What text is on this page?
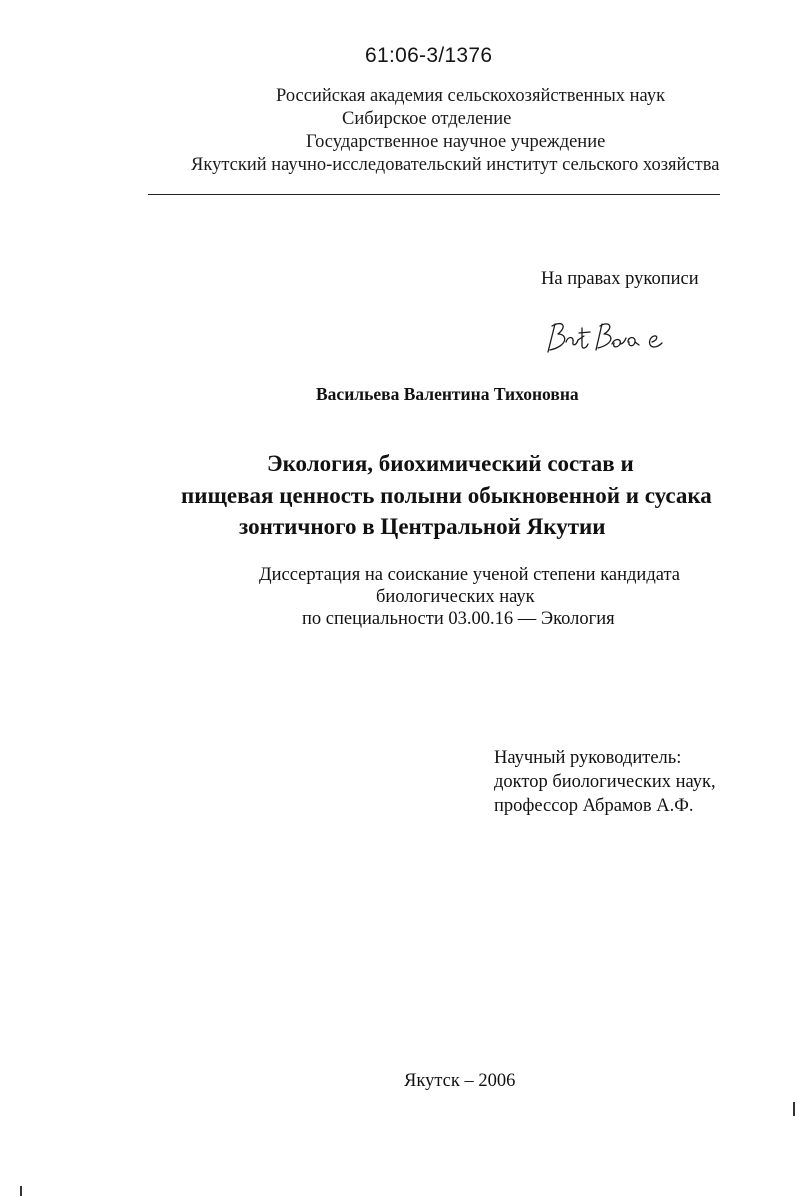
61:06-3/1376
Российская академия сельскохозяйственных наук
Сибирское отделение
Государственное научное учреждение
Якутский научно-исследовательский институт сельского хозяйства
На правах рукописи
Васильева Валентина Тихоновна
Экология, биохимический состав и
пищевая ценность полыни обыкновенной и сусака
зонтичного в Центральной Якутии
Диссертация на соискание ученой степени кандидата
биологических наук
по специальности 03.00.16 — Экология
Научный руководитель:
доктор биологических наук,
профессор Абрамов А.Ф.
Якутск – 2006
